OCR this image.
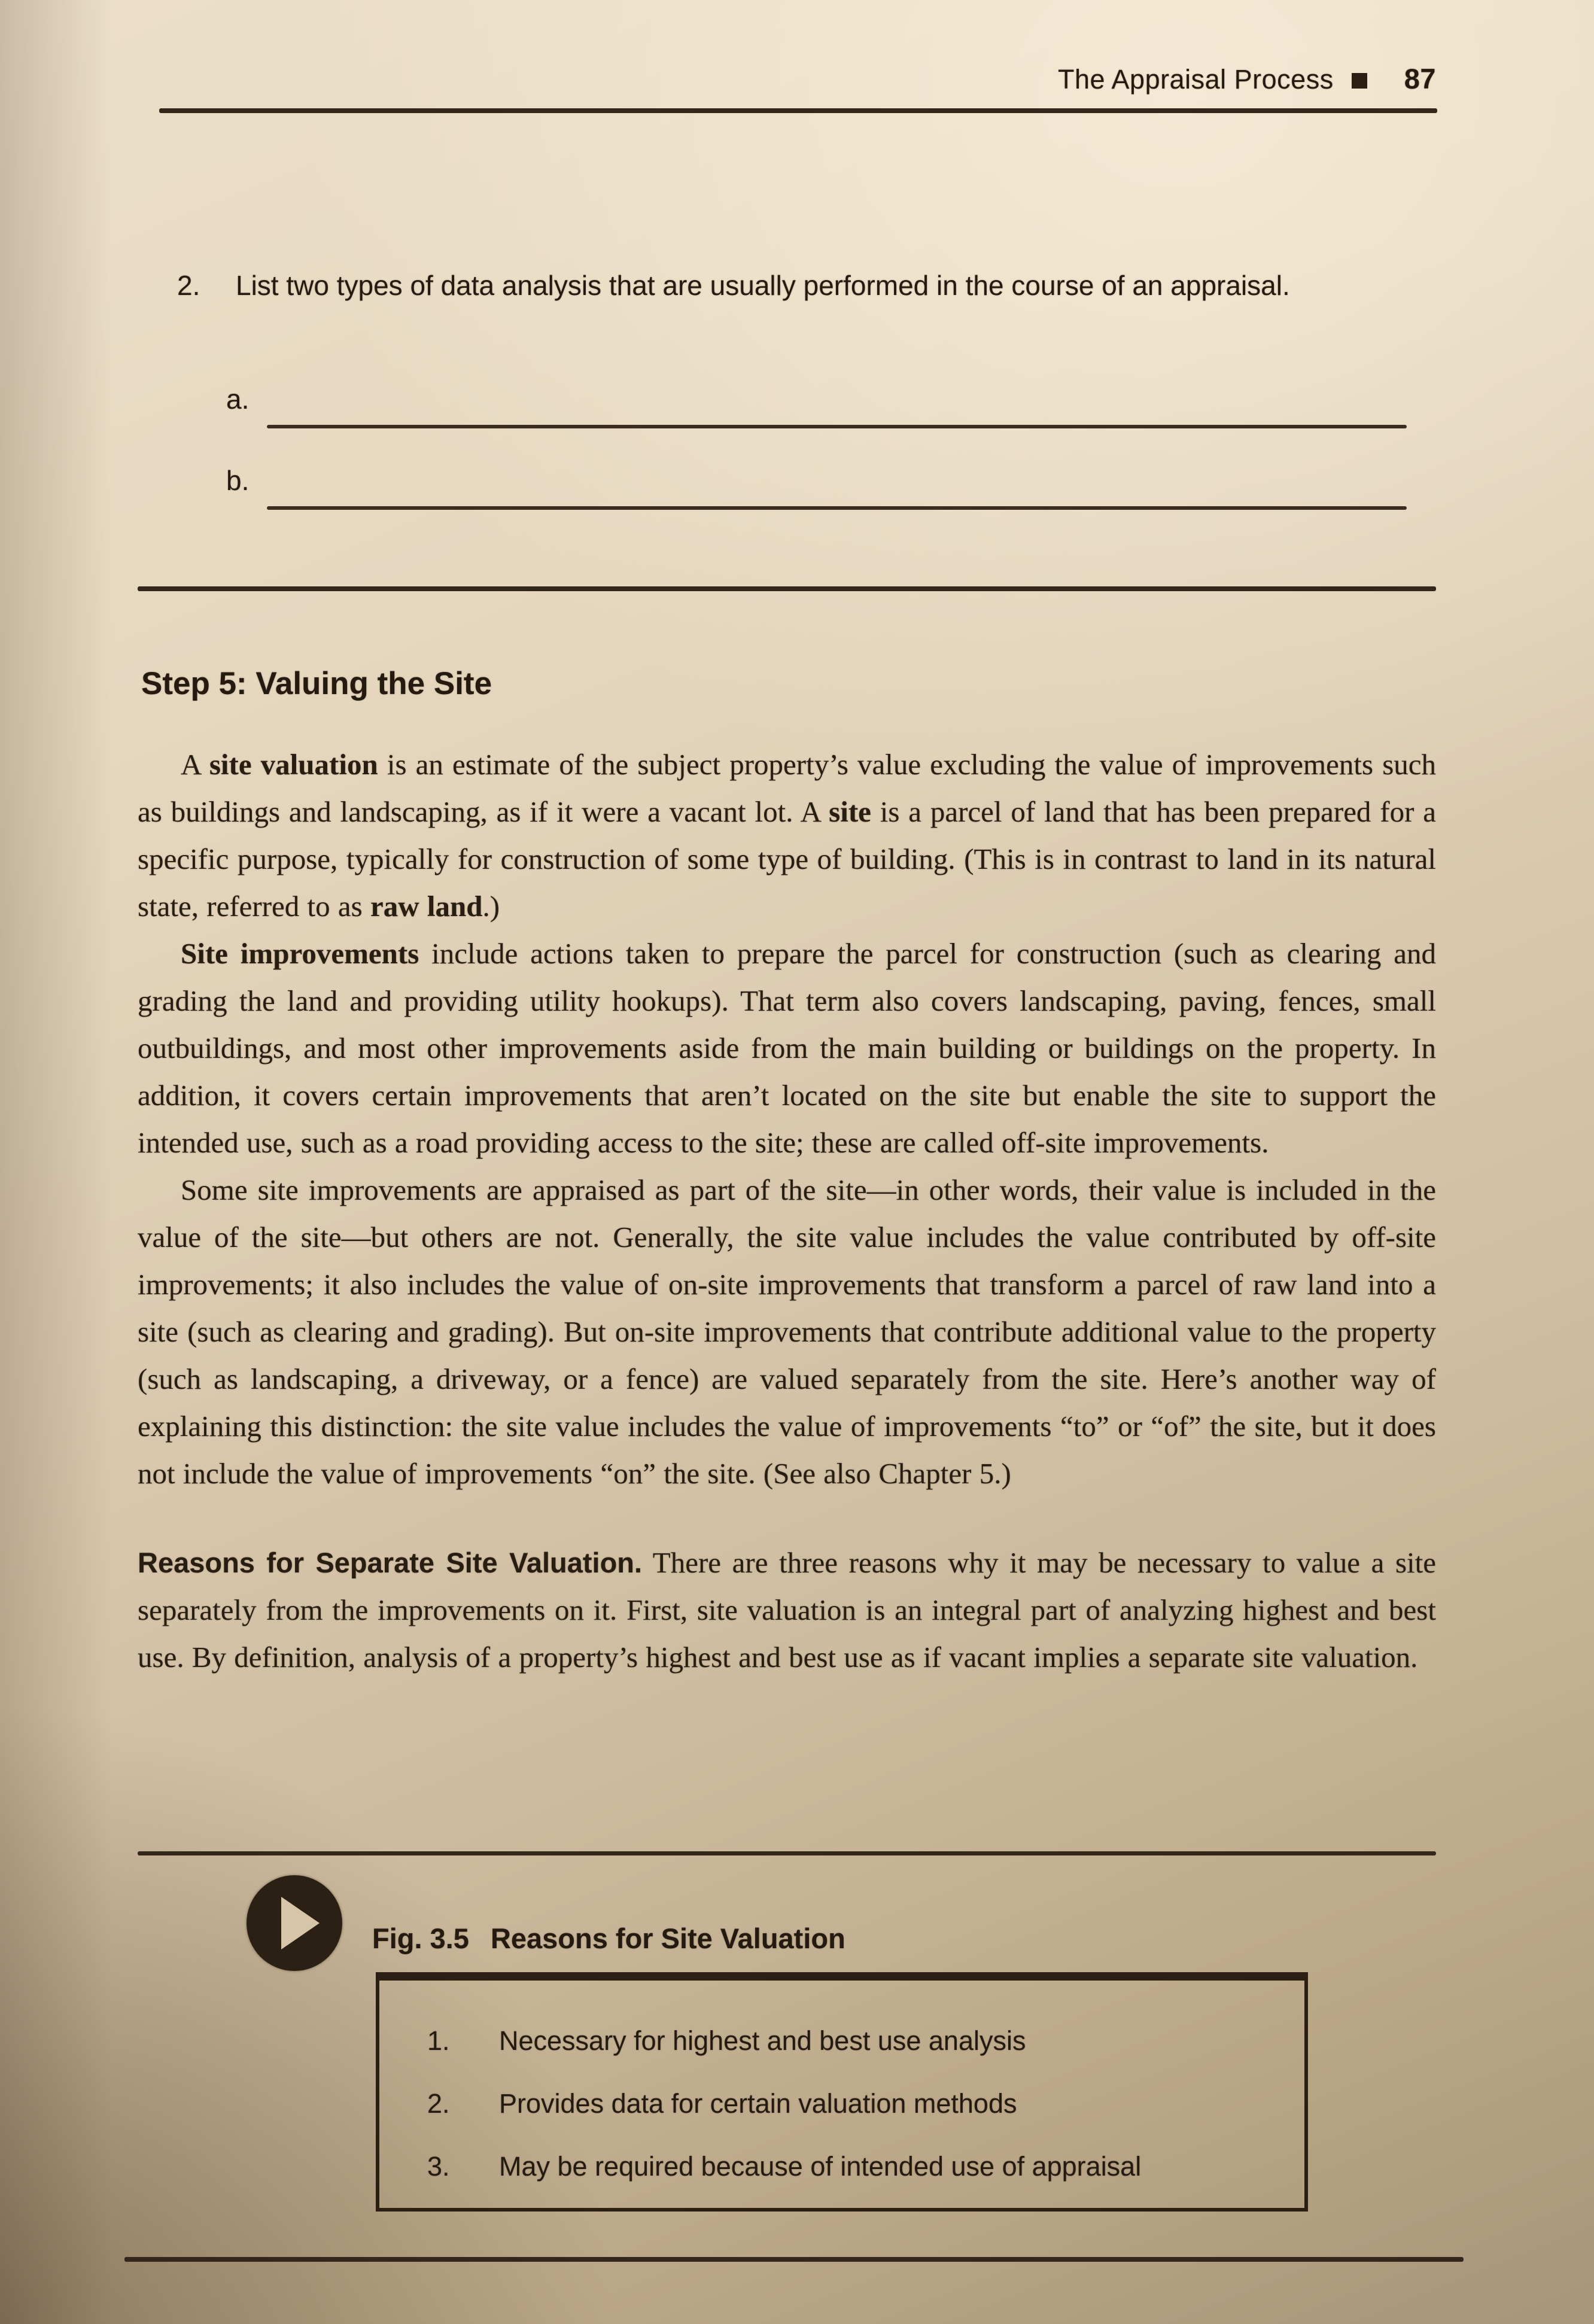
The Appraisal Process	87
2.	List two types of data analysis that are usually performed in the course of an appraisal.
a.
b.
Step 5: Valuing the Site

A site valuation is an estimate of the subject property’s value excluding the value of improvements such as buildings and landscaping, as if it were a vacant lot. A site is a parcel of land that has been prepared for a specific purpose, typically for construction of some type of building. (This is in contrast to land in its natural state, referred to as raw land.)

Site improvements include actions taken to prepare the parcel for construction (such as clearing and grading the land and providing utility hookups). That term also covers landscaping, paving, fences, small outbuildings, and most other improvements aside from the main building or buildings on the property. In addition, it covers certain improvements that aren’t located on the site but enable the site to support the intended use, such as a road providing access to the site; these are called off-site improvements.

Some site improvements are appraised as part of the site—in other words, their value is included in the value of the site—but others are not. Generally, the site value includes the value contributed by off-site improvements; it also includes the value of on-site improvements that transform a parcel of raw land into a site (such as clearing and grading). But on-site improvements that contribute additional value to the property (such as landscaping, a driveway, or a fence) are valued separately from the site. Here’s another way of explaining this distinction: the site value includes the value of improvements “to” or “of” the site, but it does not include the value of improvements “on” the site. (See also Chapter 5.)

Reasons for Separate Site Valuation. There are three reasons why it may be necessary to value a site separately from the improvements on it. First, site valuation is an integral part of analyzing highest and best use. By definition, analysis of a property’s highest and best use as if vacant implies a separate site valuation.

Fig. 3.5 Reasons for Site Valuation
1.	Necessary for highest and best use analysis
2.	Provides data for certain valuation methods
3.	May be required because of intended use of appraisal
